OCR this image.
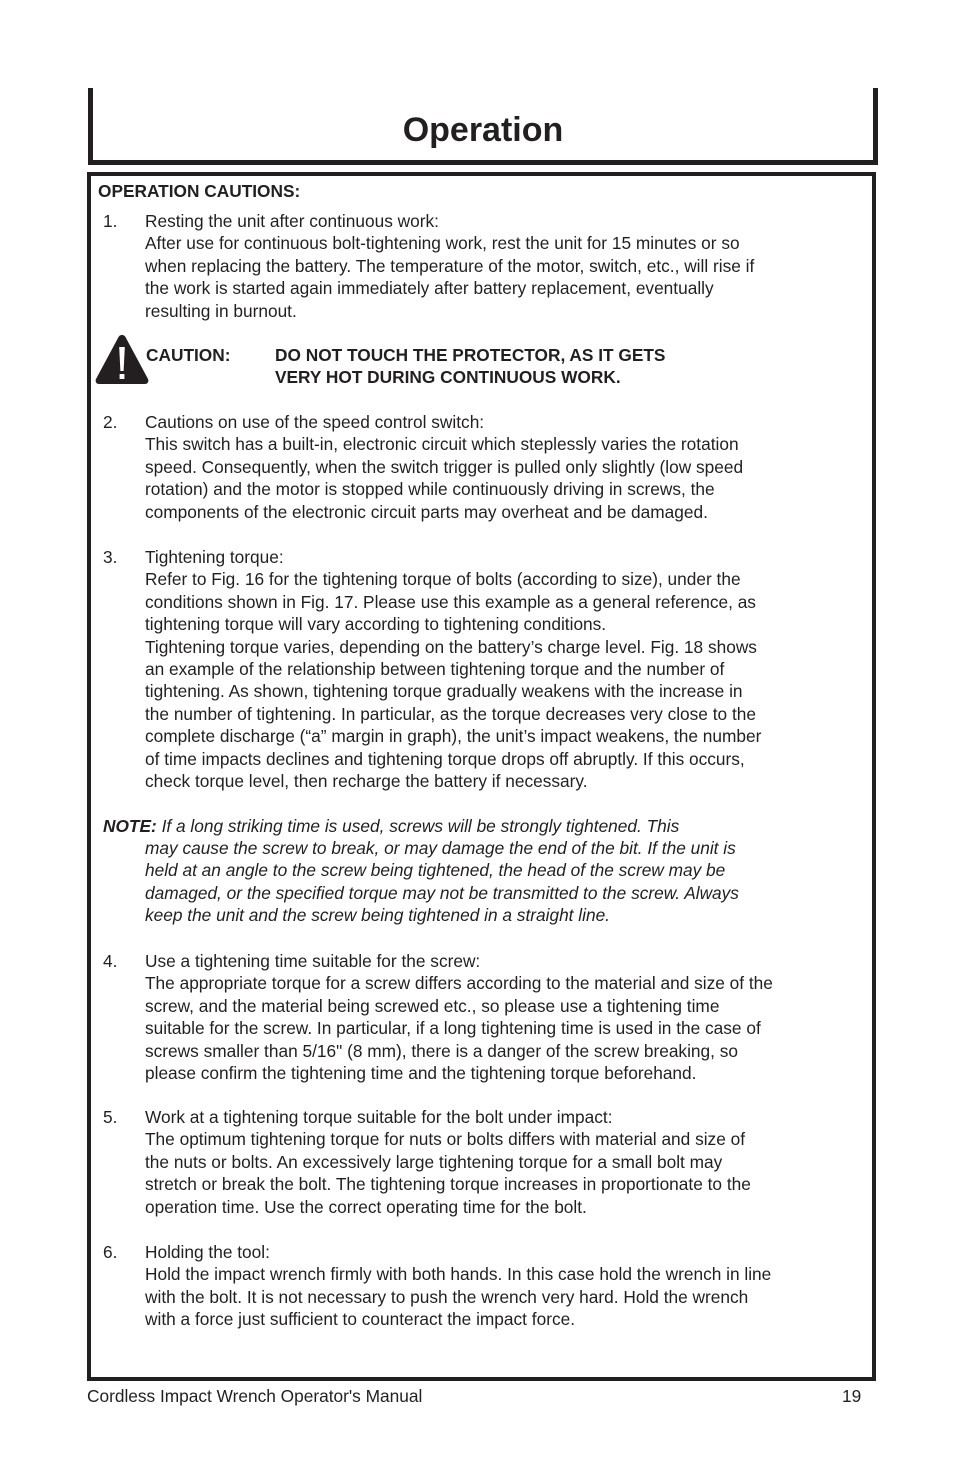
Operation
OPERATION CAUTIONS:
1. Resting the unit after continuous work:
After use for continuous bolt-tightening work, rest the unit for 15 minutes or so
when replacing the battery. The temperature of the motor, switch, etc., will rise if
the work is started again immediately after battery replacement, eventually
resulting in burnout.
CAUTION:	DO NOT TOUCH THE PROTECTOR, AS IT GETS
VERY HOT DURING CONTINUOUS WORK.
2. Cautions on use of the speed control switch:
This switch has a built-in, electronic circuit which steplessly varies the rotation
speed. Consequently, when the switch trigger is pulled only slightly (low speed
rotation) and the motor is stopped while continuously driving in screws, the
components of the electronic circuit parts may overheat and be damaged.
3. Tightening torque:
Refer to Fig. 16 for the tightening torque of bolts (according to size), under the
conditions shown in Fig. 17. Please use this example as a general reference, as
tightening torque will vary according to tightening conditions.
Tightening torque varies, depending on the battery’s charge level. Fig. 18 shows
an example of the relationship between tightening torque and the number of
tightening. As shown, tightening torque gradually weakens with the increase in
the number of tightening. In particular, as the torque decreases very close to the
complete discharge (“a” margin in graph), the unit’s impact weakens, the number
of time impacts declines and tightening torque drops off abruptly. If this occurs,
check torque level, then recharge the battery if necessary.
NOTE: If a long striking time is used, screws will be strongly tightened. This
may cause the screw to break, or may damage the end of the bit. If the unit is
held at an angle to the screw being tightened, the head of the screw may be
damaged, or the specified torque may not be transmitted to the screw. Always
keep the unit and the screw being tightened in a straight line.
4. Use a tightening time suitable for the screw:
The appropriate torque for a screw differs according to the material and size of the
screw, and the material being screwed etc., so please use a tightening time
suitable for the screw. In particular, if a long tightening time is used in the case of
screws smaller than 5/16" (8 mm), there is a danger of the screw breaking, so
please confirm the tightening time and the tightening torque beforehand.
5. Work at a tightening torque suitable for the bolt under impact:
The optimum tightening torque for nuts or bolts differs with material and size of
the nuts or bolts. An excessively large tightening torque for a small bolt may
stretch or break the bolt. The tightening torque increases in proportionate to the
operation time. Use the correct operating time for the bolt.
6. Holding the tool:
Hold the impact wrench firmly with both hands. In this case hold the wrench in line
with the bolt. It is not necessary to push the wrench very hard. Hold the wrench
with a force just sufficient to counteract the impact force.
Cordless Impact Wrench Operator's Manual	19
